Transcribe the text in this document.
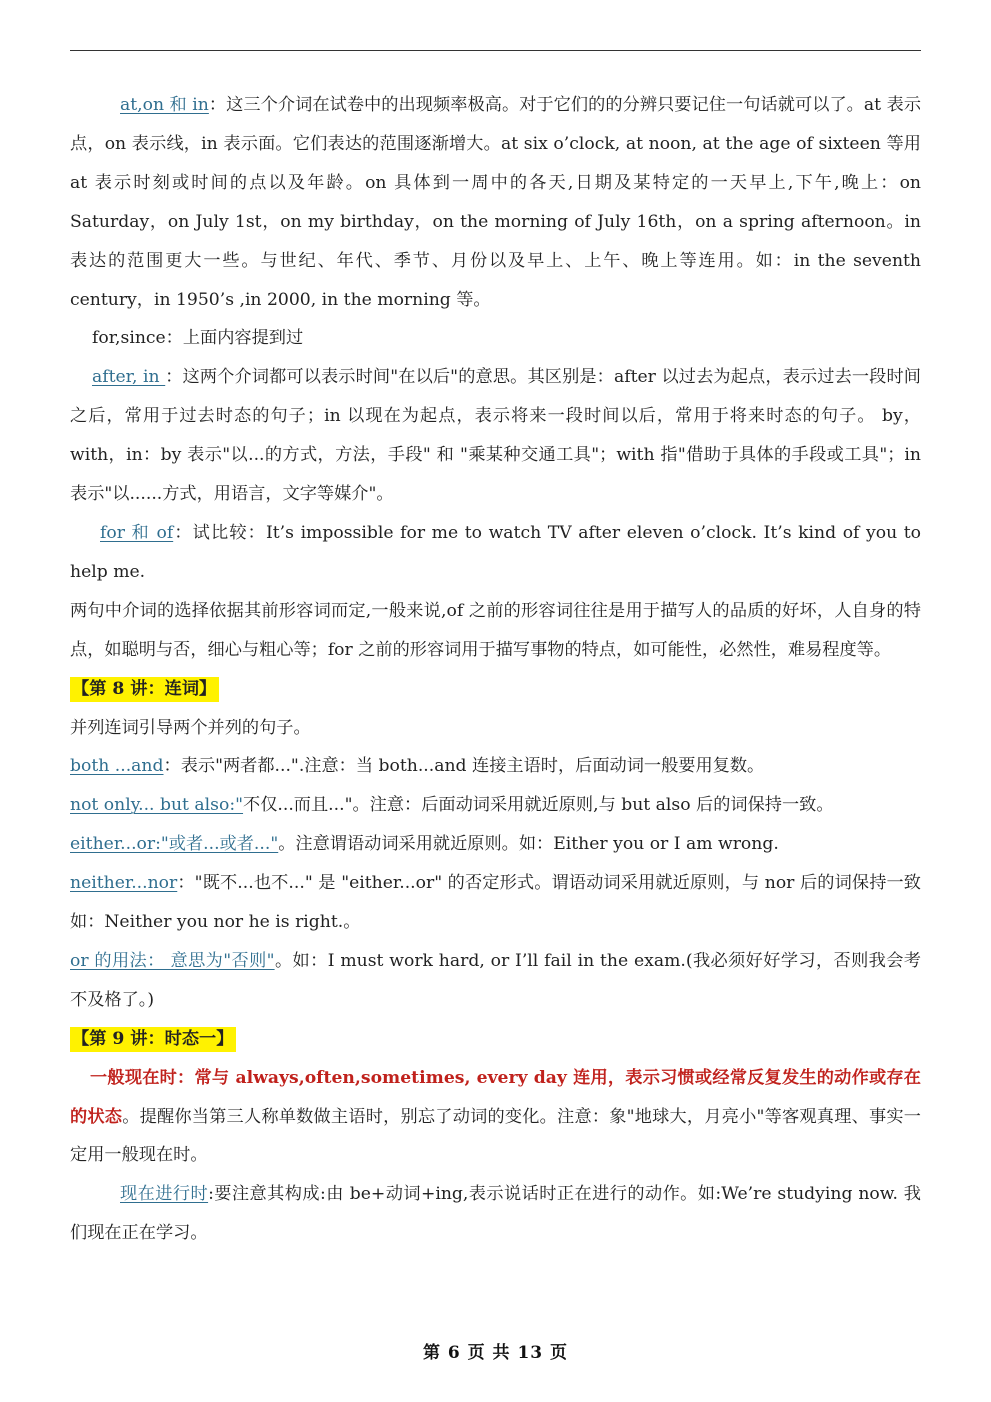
at,on 和 in：这三个介词在试卷中的出现频率极高。对于它们的的分辨只要记住一句话就可以了。at 表示点，on 表示线，in 表示面。它们表达的范围逐渐增大。at six o’clock, at noon, at the age of sixteen 等用 at 表示时刻或时间的点以及年龄。on 具体到一周中的各天,日期及某特定的一天早上,下午,晚上：on Saturday，on July 1st，on my birthday，on the morning of July 16th，on a spring afternoon。in 表达的范围更大一些。与世纪、年代、季节、月份以及早上、上午、晚上等连用。如：in the seventh century，in 1950’s ,in 2000, in the morning 等。

for,since：上面内容提到过

after, in ：这两个介词都可以表示时间"在以后"的意思。其区别是：after 以过去为起点，表示过去一段时间之后，常用于过去时态的句子；in 以现在为起点，表示将来一段时间以后，常用于将来时态的句子。 by，with，in：by 表示"以...的方式，方法，手段" 和 "乘某种交通工具"；with 指"借助于具体的手段或工具"；in 表示"以......方式，用语言，文字等媒介"。

for 和 of：试比较：It’s impossible for me to watch TV after eleven o’clock. It’s kind of you to help me.

两句中介词的选择依据其前形容词而定,一般来说,of 之前的形容词往往是用于描写人的品质的好坏，人自身的特点，如聪明与否，细心与粗心等；for 之前的形容词用于描写事物的特点，如可能性，必然性，难易程度等。

【第 8 讲：连词】

并列连词引导两个并列的句子。

both ...and：表示"两者都...".注意：当 both...and 连接主语时，后面动词一般要用复数。

not only... but also:"不仅...而且..."。注意：后面动词采用就近原则,与 but also 后的词保持一致。

either...or:"或者...或者..."。注意谓语动词采用就近原则。如：Either you or I am wrong.

neither...nor："既不...也不..." 是 "either...or" 的否定形式。谓语动词采用就近原则，与 nor 后的词保持一致 如：Neither you nor he is right.。

or 的用法： 意思为"否则"。如：I must work hard, or I’ll fail in the exam.(我必须好好学习，否则我会考不及格了。)

【第 9 讲：时态一】

一般现在时：常与 always,often,sometimes, every day 连用，表示习惯或经常反复发生的动作或存在的状态。提醒你当第三人称单数做主语时，别忘了动词的变化。注意：象"地球大，月亮小"等客观真理、事实一定用一般现在时。

现在进行时:要注意其构成:由 be+动词+ing,表示说话时正在进行的动作。如:We’re studying now. 我们现在正在学习。

第 6 页 共 13 页
